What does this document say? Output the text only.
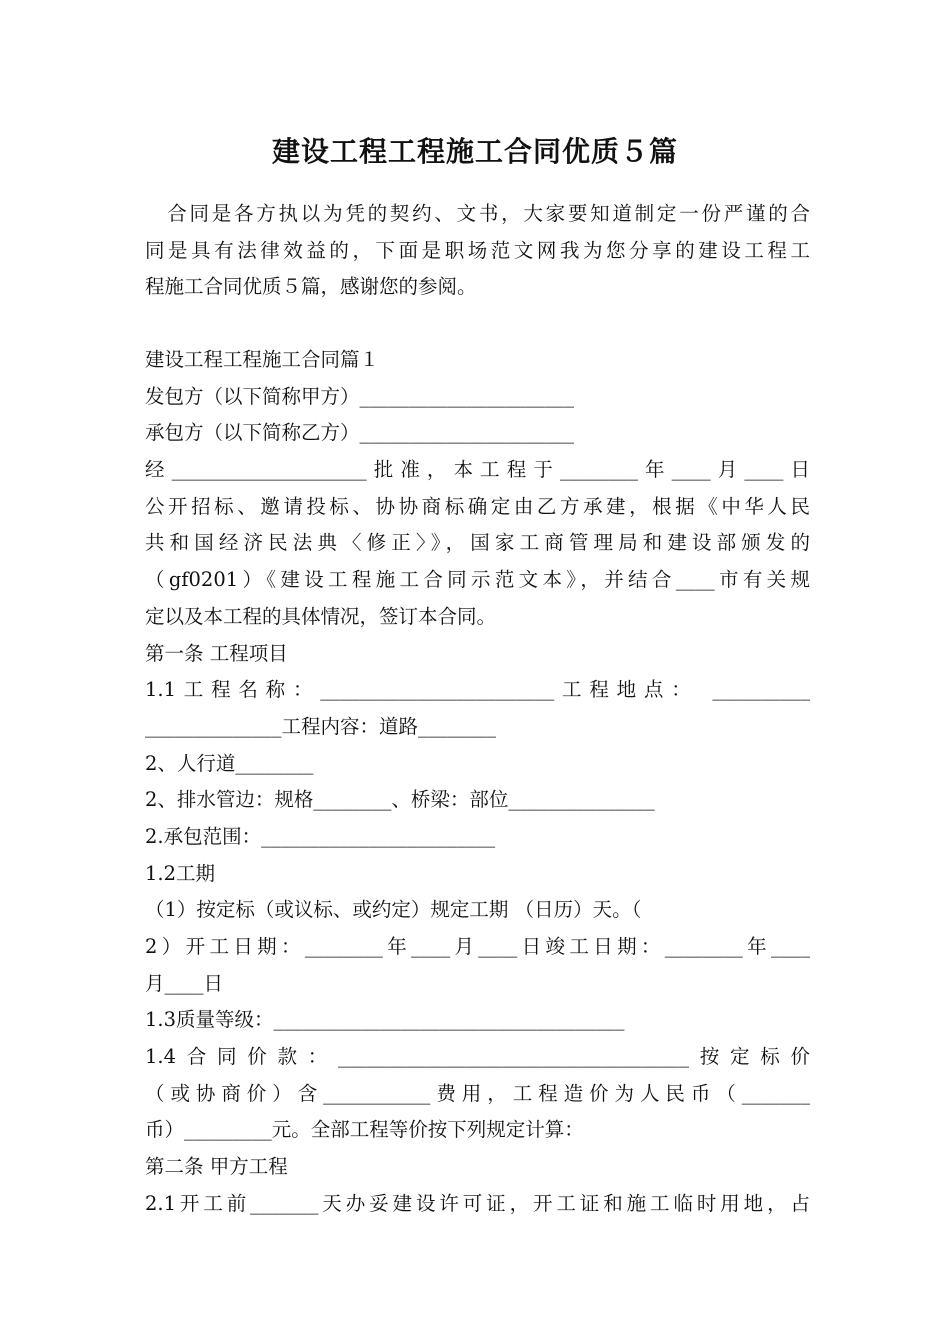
建设工程工程施工合同优质５篇
　合同是各方执以为凭的契约、文书，大家要知道制定一份严谨的合
同是具有法律效益的，下面是职场范文网我为您分享的建设工程工
程施工合同优质５篇，感谢您的参阅。
建设工程工程施工合同篇１
发包方（以下简称甲方）______________________
承包方（以下简称乙方）______________________
经____________________批准，本工程于________年____月____日
公开招标、邀请投标、协协商标确定由乙方承建，根据《中华人民
共和国经济民法典〈修正〉》，国家工商管理局和建设部颁发的
（gf0201）《建设工程施工合同示范文本》，并结合____市有关规
定以及本工程的具体情况，签订本合同。
第一条 工程项目
1.1工程名称：________________________工程地点： __________
______________工程内容：道路________
2、人行道________
2、排水管边：规格________、桥梁：部位_______________
2.承包范围：________________________
1.2工期
（1）按定标（或议标、或约定）规定工期 （日历）天。（
2）开工日期：________年____月____日竣工日期：________年____
月____日
1.3质量等级：____________________________________
1.4合同价款：____________________________________按定标价
（或协商价）含___________费用，工程造价为人民币（_______
币）_________元。全部工程等价按下列规定计算：
第二条 甲方工程
2.1开工前_______天办妥建设许可证，开工证和施工临时用地，占
